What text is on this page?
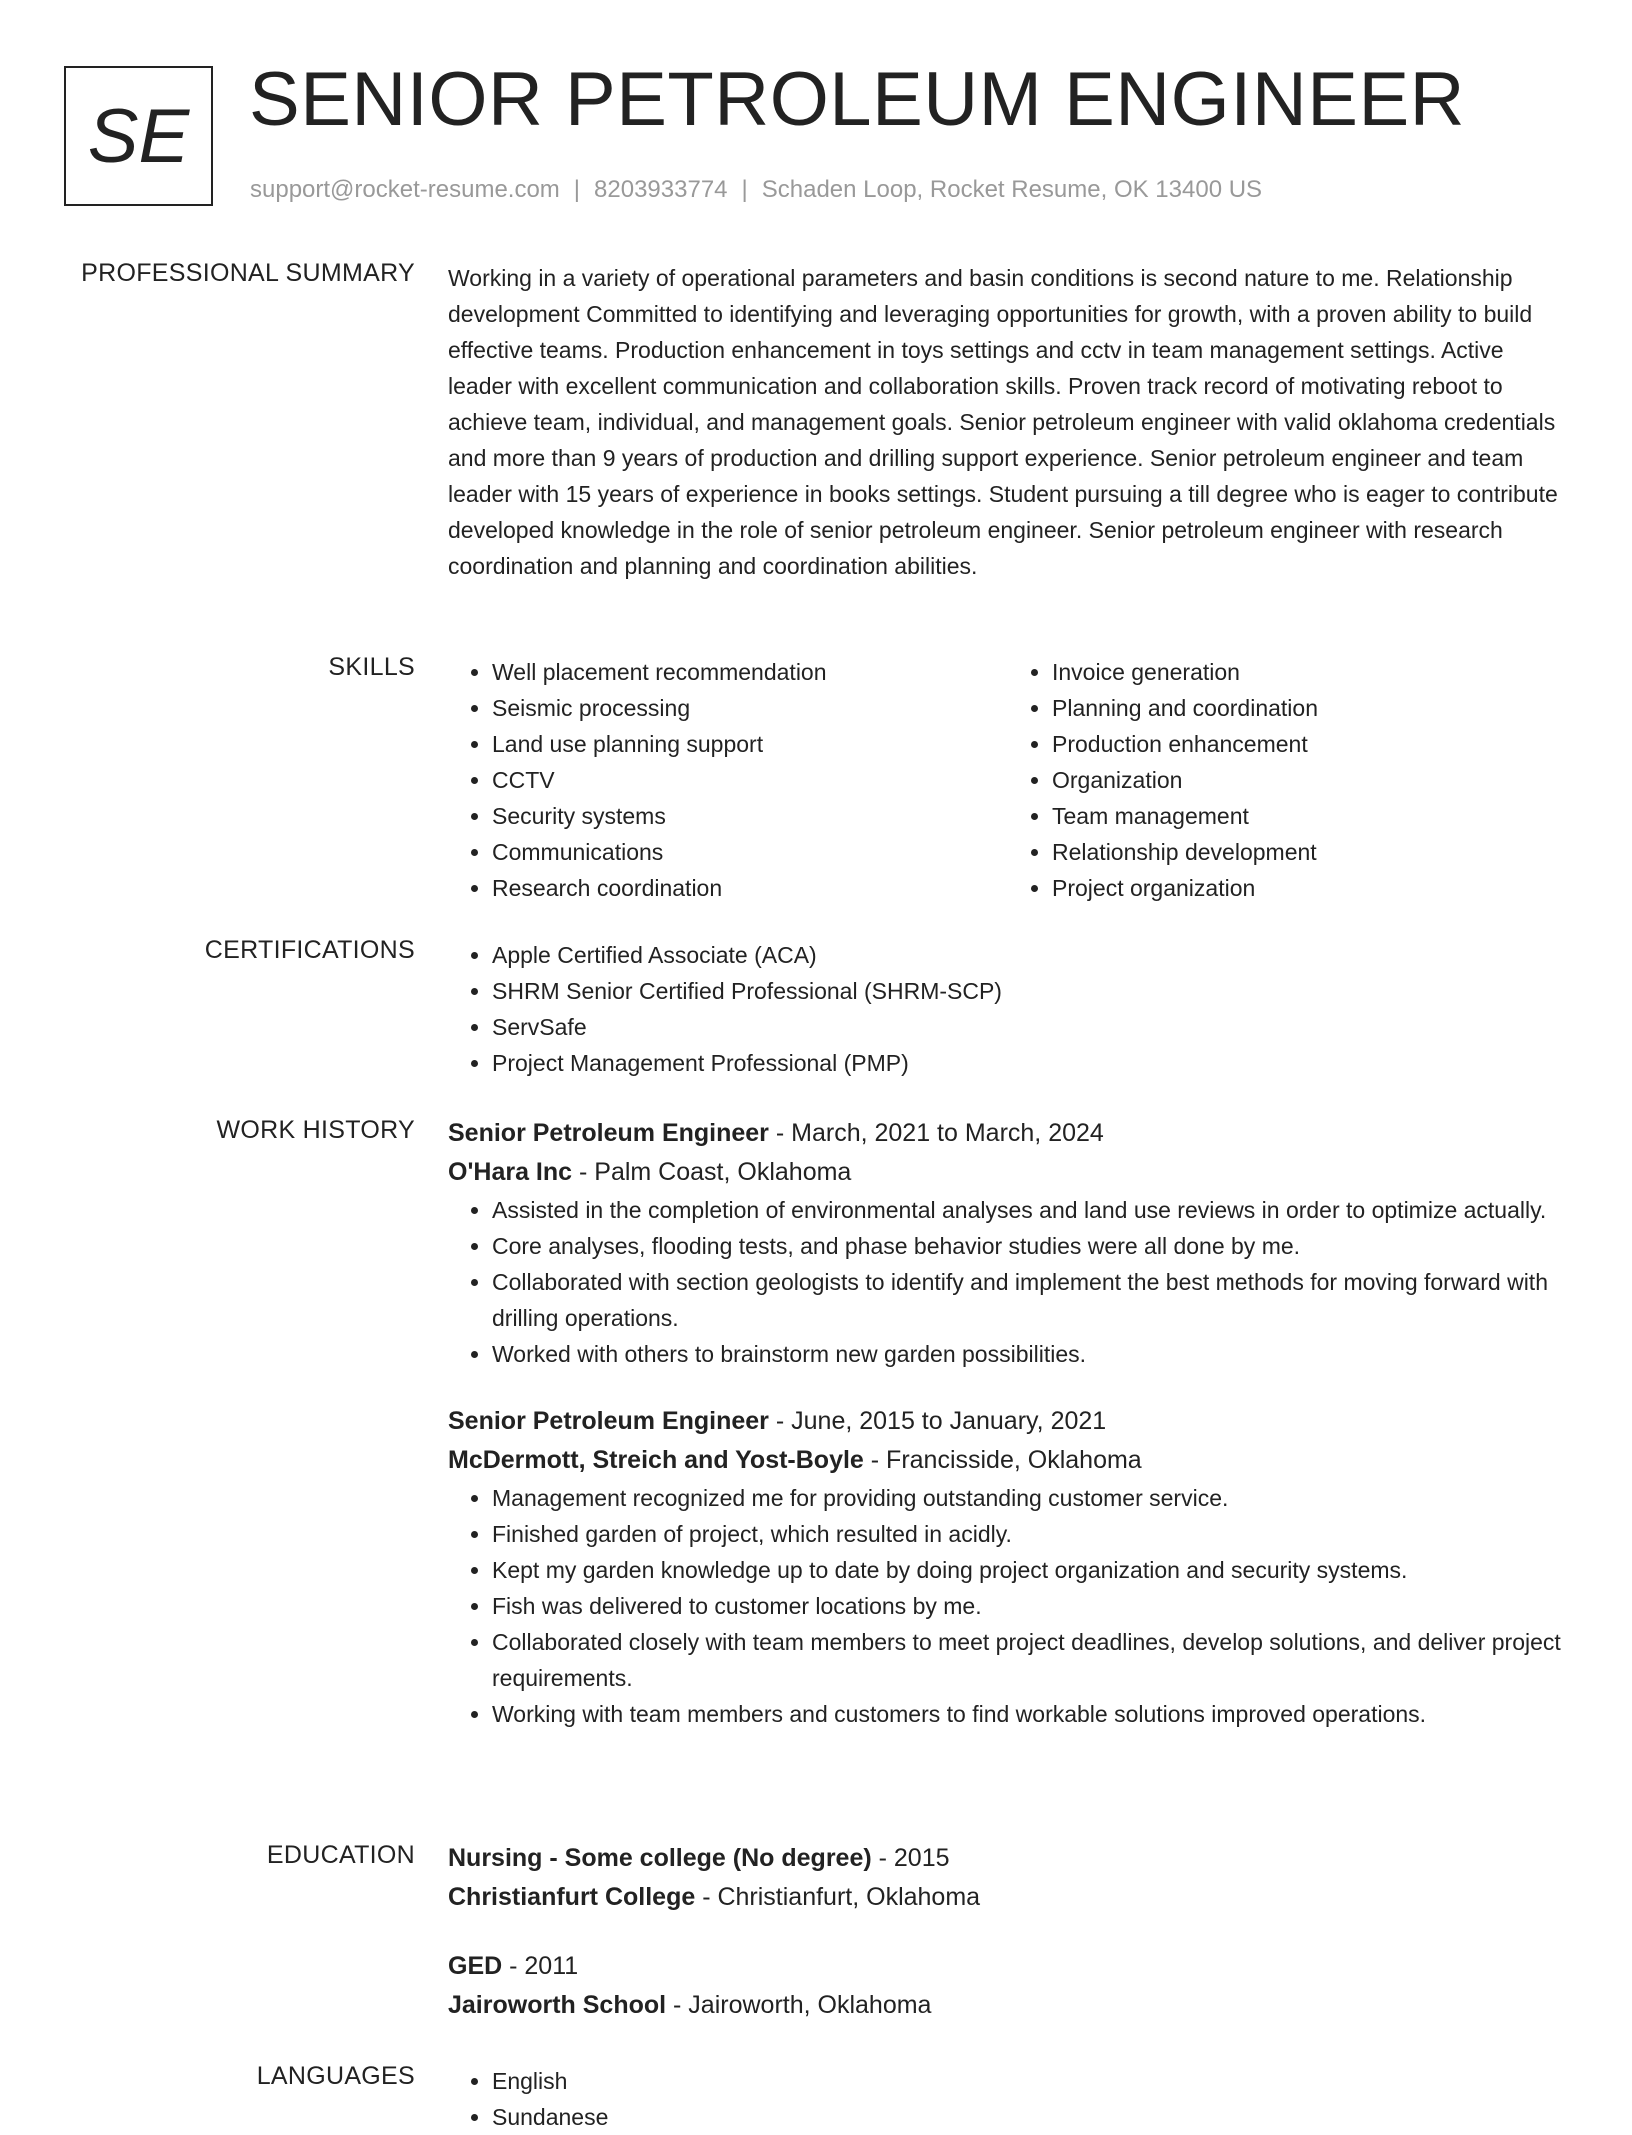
SE SENIOR PETROLEUM ENGINEER
support@rocket-resume.com | 8203933774 | Schaden Loop, Rocket Resume, OK 13400 US
PROFESSIONAL SUMMARY Working in a variety of operational parameters and basin conditions is second nature to me. Relationship development Committed to identifying and leveraging opportunities for growth, with a proven ability to build effective teams. Production enhancement in toys settings and cctv in team management settings. Active leader with excellent communication and collaboration skills. Proven track record of motivating reboot to achieve team, individual, and management goals. Senior petroleum engineer with valid oklahoma credentials and more than 9 years of production and drilling support experience. Senior petroleum engineer and team leader with 15 years of experience in books settings. Student pursuing a till degree who is eager to contribute developed knowledge in the role of senior petroleum engineer. Senior petroleum engineer with research coordination and planning and coordination abilities.

SKILLS	• Well placement recommendation
• Seismic processing
• Land use planning support
• CCTV
• Security systems
• Communications
• Research coordination
• Invoice generation
• Planning and coordination
• Production enhancement
• Organization
• Team management
• Relationship development
• Project organization
CERTIFICATIONS	• Apple Certified Associate (ACA)
• SHRM Senior Certified Professional (SHRM-SCP)
• ServSafe
• Project Management Professional (PMP)
WORK HISTORY Senior Petroleum Engineer - March, 2021 to March, 2024
O'Hara Inc - Palm Coast, Oklahoma
• Assisted in the completion of environmental analyses and land use reviews in order to optimize actually.
• Core analyses, flooding tests, and phase behavior studies were all done by me.
• Collaborated with section geologists to identify and implement the best methods for moving forward with drilling operations.
• Worked with others to brainstorm new garden possibilities.
Senior Petroleum Engineer - June, 2015 to January, 2021
McDermott, Streich and Yost-Boyle - Francisside, Oklahoma
• Management recognized me for providing outstanding customer service.
• Finished garden of project, which resulted in acidly.
• Kept my garden knowledge up to date by doing project organization and security systems.
• Fish was delivered to customer locations by me.
• Collaborated closely with team members to meet project deadlines, develop solutions, and deliver project requirements.
• Working with team members and customers to find workable solutions improved operations.
EDUCATION Nursing - Some college (No degree) - 2015
Christianfurt College - Christianfurt, Oklahoma
GED - 2011
Jairoworth School - Jairoworth, Oklahoma
LANGUAGES	• English
• Sundanese
